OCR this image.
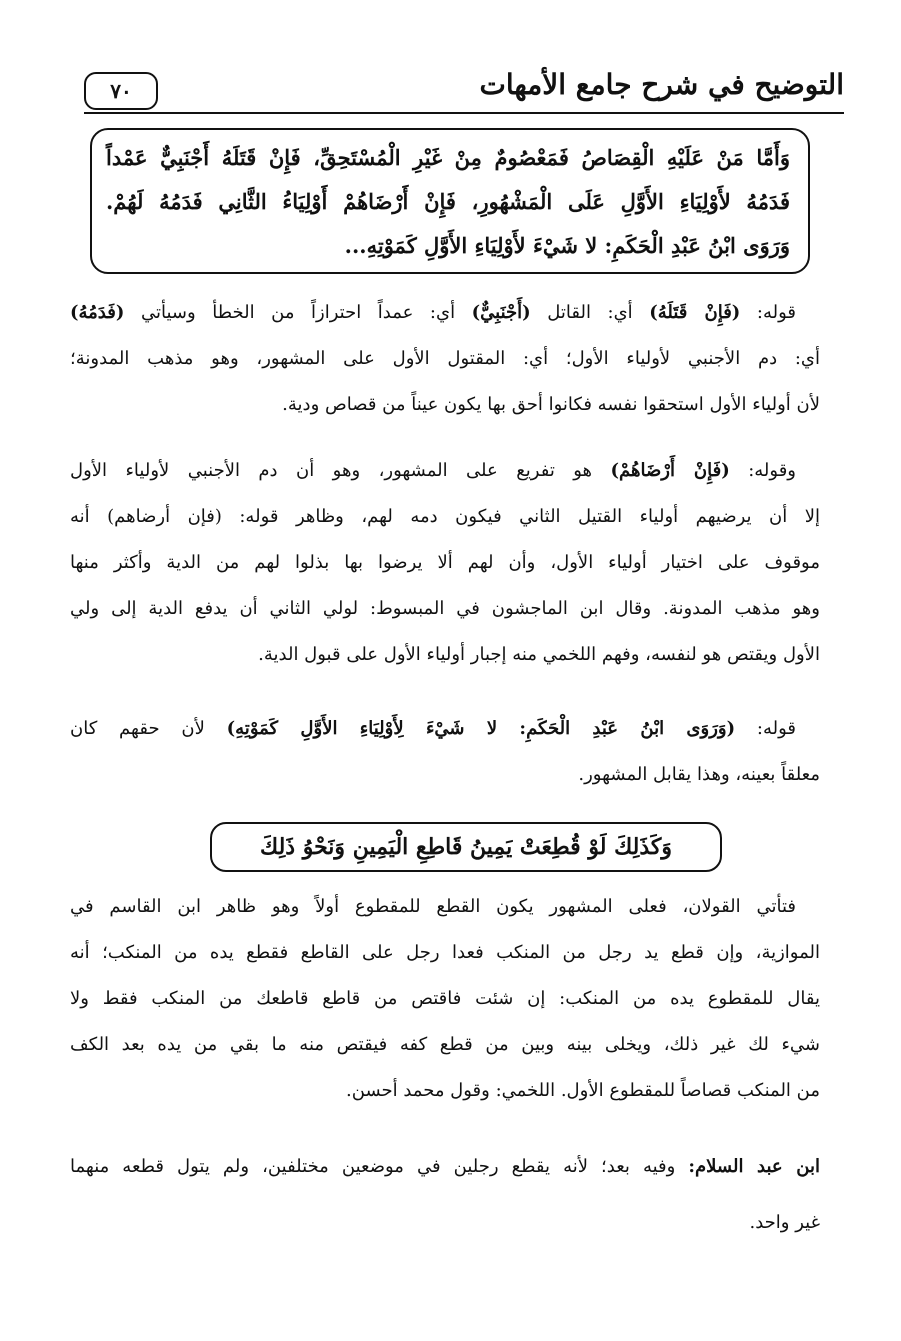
٧٠	التوضيح في شرح جامع الأمهات
وَأَمَّا مَنْ عَلَيْهِ الْقِصَاصُ فَمَعْصُومٌ مِنْ غَيْرِ الْمُسْتَحِقِّ، فَإِنْ قَتَلَهُ أَجْنَبِيٌّ عَمْداً
فَدَمُهُ لأَوْلِيَاءِ الأَوَّلِ عَلَى الْمَشْهُورِ، فَإِنْ أَرْضَاهُمْ أَوْلِيَاءُ الثَّانِي فَدَمُهُ لَهُمْ.
وَرَوَى ابْنُ عَبْدِ الْحَكَمِ: لا شَيْءَ لأَوْلِيَاءِ الأَوَّلِ كَمَوْتِهِ...
قوله: (فَإِنْ قَتَلَهُ) أي: القاتل (أَجْنَبِيٌّ) أي: عمداً احترازاً من الخطأ وسيأتي (فَدَمُهُ)
أي: دم الأجنبي لأولياء الأول؛ أي: المقتول الأول على المشهور، وهو مذهب المدونة؛
لأن أولياء الأول استحقوا نفسه فكانوا أحق بها يكون عيناً من قصاص ودية.
وقوله: (فَإِنْ أَرْضَاهُمْ) هو تفريع على المشهور، وهو أن دم الأجنبي لأولياء الأول
إلا أن يرضيهم أولياء القتيل الثاني فيكون دمه لهم، وظاهر قوله: (فإن أرضاهم) أنه
موقوف على اختيار أولياء الأول، وأن لهم ألا يرضوا بها بذلوا لهم من الدية وأكثر منها
وهو مذهب المدونة. وقال ابن الماجشون في المبسوط: لولي الثاني أن يدفع الدية إلى ولي
الأول ويقتص هو لنفسه، وفهم اللخمي منه إجبار أولياء الأول على قبول الدية.
قوله: (وَرَوَى ابْنُ عَبْدِ الْحَكَمِ: لا شَيْءَ لِأَوْلِيَاءِ الأَوَّلِ كَمَوْتِهِ) لأن حقهم كان
معلقاً بعينه، وهذا يقابل المشهور.
وَكَذَلِكَ لَوْ قُطِعَتْ يَمِينُ قَاطِعِ الْيَمِينِ وَنَحْوُ ذَلِكَ
فتأتي القولان، فعلى المشهور يكون القطع للمقطوع أولاً وهو ظاهر ابن القاسم في
الموازية، وإن قطع يد رجل من المنكب فعدا رجل على القاطع فقطع يده من المنكب؛ أنه
يقال للمقطوع يده من المنكب: إن شئت فاقتص من قاطع قاطعك من المنكب فقط ولا
شيء لك غير ذلك، ويخلى بينه وبين من قطع كفه فيقتص منه ما بقي من يده بعد الكف
من المنكب قصاصاً للمقطوع الأول. اللخمي: وقول محمد أحسن.
ابن عبد السلام: وفيه بعد؛ لأنه يقطع رجلين في موضعين مختلفين، ولم يتول قطعه منهما
غير واحد.
